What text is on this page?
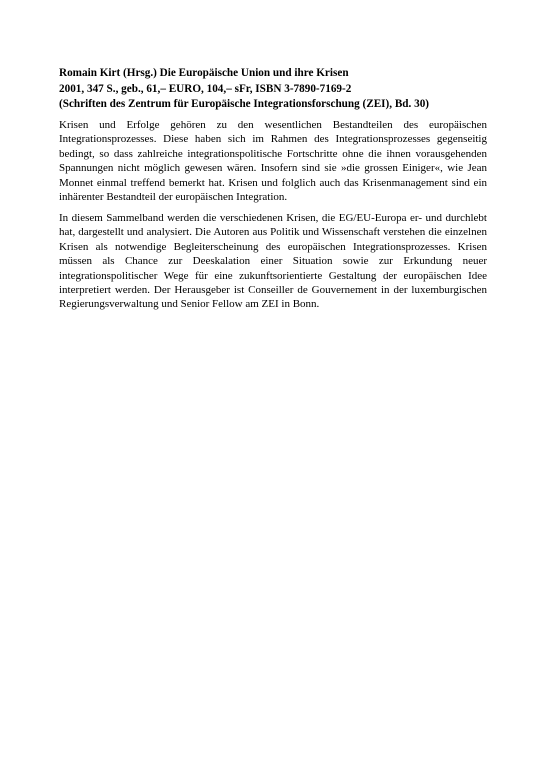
Romain Kirt (Hrsg.) Die Europäische Union und ihre Krisen
2001, 347 S., geb., 61,– EURO, 104,– sFr, ISBN 3-7890-7169-2
(Schriften des Zentrum für Europäische Integrationsforschung (ZEI), Bd. 30)

Krisen und Erfolge gehören zu den wesentlichen Bestandteilen des europäischen Integrationsprozesses. Diese haben sich im Rahmen des Integrationsprozesses gegenseitig bedingt, so dass zahlreiche integrationspolitische Fortschritte ohne die ihnen vorausgehenden Spannungen nicht möglich gewesen wären. Insofern sind sie »die grossen Einiger«, wie Jean Monnet einmal treffend bemerkt hat. Krisen und folglich auch das Krisenmanagement sind ein inhärenter Bestandteil der europäischen Integration.

In diesem Sammelband werden die verschiedenen Krisen, die EG/EU-Europa er- und durchlebt hat, dargestellt und analysiert. Die Autoren aus Politik und Wissenschaft verstehen die einzelnen Krisen als notwendige Begleiterscheinung des europäischen Integrationsprozesses. Krisen müssen als Chance zur Deeskalation einer Situation sowie zur Erkundung neuer integrationspolitischer Wege für eine zukunftsorientierte Gestaltung der europäischen Idee interpretiert werden. Der Herausgeber ist Conseiller de Gouvernement in der luxemburgischen Regierungsverwaltung und Senior Fellow am ZEI in Bonn.
